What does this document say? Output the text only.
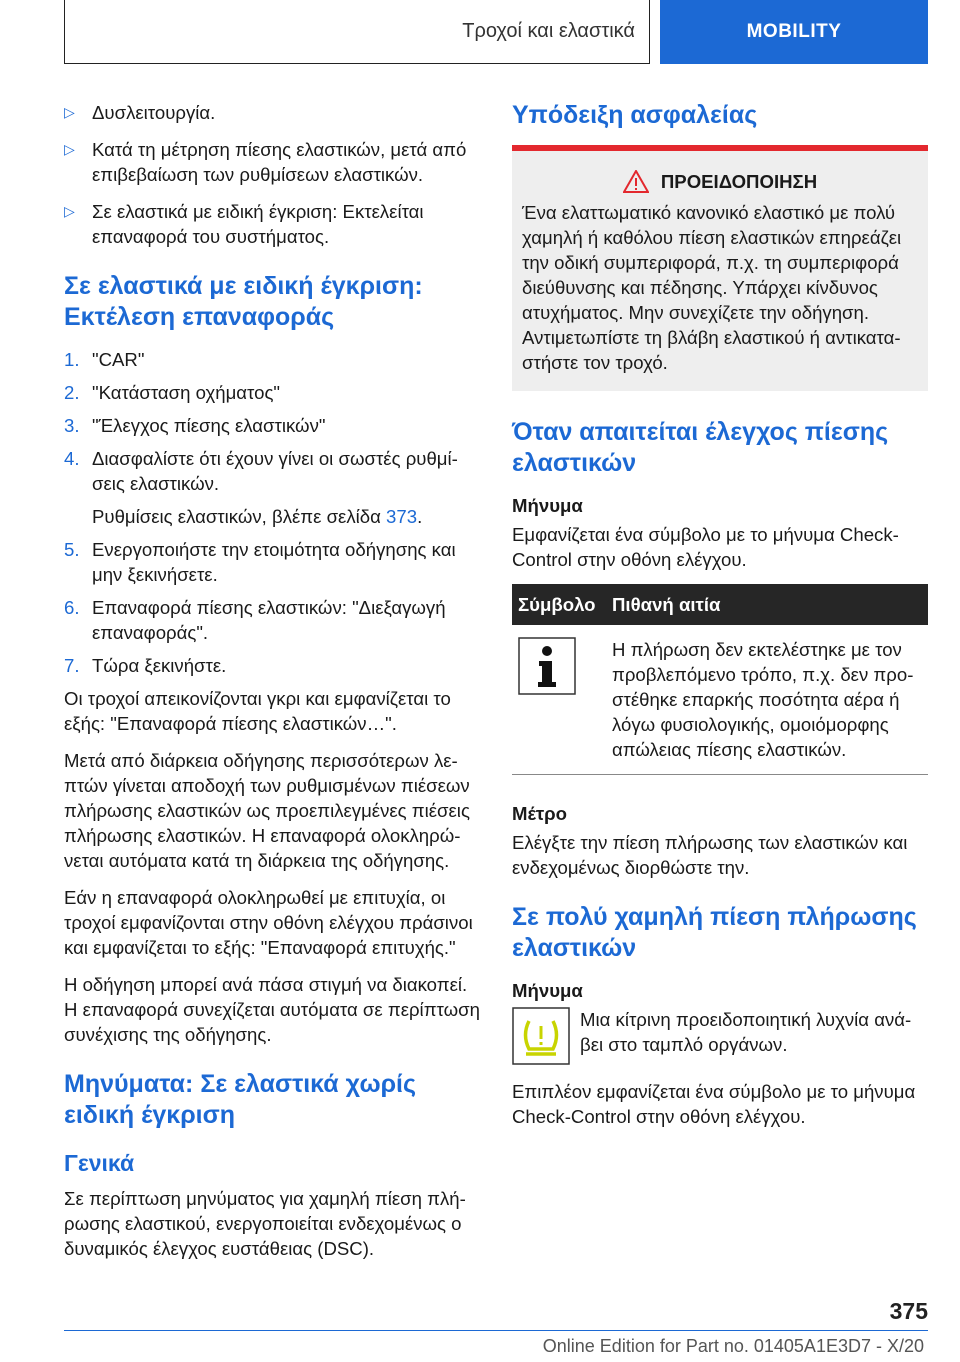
Τροχοί και ελαστικά	MOBILITY
▷ Δυσλειτουργία.
▷ Κατά τη μέτρηση πίεσης ελαστικών, μετά από επιβεβαίωση των ρυθμίσεων ελαστικών.
▷ Σε ελαστικά με ειδική έγκριση: Εκτελείται επαναφορά του συστήματος.
Σε ελαστικά με ειδική έγκριση: Εκτέλεση επαναφοράς
1. "CAR"
2. "Κατάσταση οχήματος"
3. "Έλεγχος πίεσης ελαστικών"
4. Διασφαλίστε ότι έχουν γίνει οι σωστές ρυθμίσεις ελαστικών.
Ρυθμίσεις ελαστικών, βλέπε σελίδα 373.
5. Ενεργοποιήστε την ετοιμότητα οδήγησης και μην ξεκινήσετε.
6. Επαναφορά πίεσης ελαστικών: "Διεξαγωγή επαναφοράς".
7. Τώρα ξεκινήστε.

Οι τροχοί απεικονίζονται γκρι και εμφανίζεται το εξής: "Επαναφορά πίεσης ελαστικών…".

Μετά από διάρκεια οδήγησης περισσότερων λεπτών γίνεται αποδοχή των ρυθμισμένων πιέσεων πλήρωσης ελαστικών ως προεπιλεγμένες πιέσεις πλήρωσης ελαστικών. Η επαναφορά ολοκληρώνεται αυτόματα κατά τη διάρκεια της οδήγησης.

Εάν η επαναφορά ολοκληρωθεί με επιτυχία, οι τροχοί εμφανίζονται στην οθόνη ελέγχου πράσινοι και εμφανίζεται το εξής: "Επαναφορά επιτυχής."

Η οδήγηση μπορεί ανά πάσα στιγμή να διακοπεί. Η επαναφορά συνεχίζεται αυτόματα σε περίπτωση συνέχισης της οδήγησης.

Μηνύματα: Σε ελαστικά χωρίς ειδική έγκριση
Γενικά

Σε περίπτωση μηνύματος για χαμηλή πίεση πλήρωσης ελαστικού, ενεργοποιείται ενδεχομένως ο δυναμικός έλεγχος ευστάθειας (DSC).

Υπόδειξη ασφαλείας
ΠΡΟΕΙΔΟΠΟΙΗΣΗ
Ένα ελαττωματικό κανονικό ελαστικό με πολύ χαμηλή ή καθόλου πίεση ελαστικών επηρεάζει την οδική συμπεριφορά, π.χ. τη συμπεριφορά διεύθυνσης και πέδησης. Υπάρχει κίνδυνος ατυχήματος. Μην συνεχίζετε την οδήγηση. Αντιμετωπίστε τη βλάβη ελαστικού ή αντικαταστήστε τον τροχό.
Όταν απαιτείται έλεγχος πίεσης ελαστικών
Μήνυμα

Εμφανίζεται ένα σύμβολο με το μήνυμα Check-Control στην οθόνη ελέγχου.

Σύμβολο	Πιθανή αιτία
	Η πλήρωση δεν εκτελέστηκε με τον προβλεπόμενο τρόπο, π.χ. δεν προστέθηκε επαρκής ποσότητα αέρα ή λόγω φυσιολογικής, ομοιόμορφης απώλειας πίεσης ελαστικών.
Μέτρο

Ελέγξτε την πίεση πλήρωσης των ελαστικών και ενδεχομένως διορθώστε την.

Σε πολύ χαμηλή πίεση πλήρωσης ελαστικών
Μήνυμα
Μια κίτρινη προειδοποιητική λυχνία ανάβει στο ταμπλό οργάνων.

Επιπλέον εμφανίζεται ένα σύμβολο με το μήνυμα Check-Control στην οθόνη ελέγχου.

375
Online Edition for Part no. 01405A1E3D7 - X/20
